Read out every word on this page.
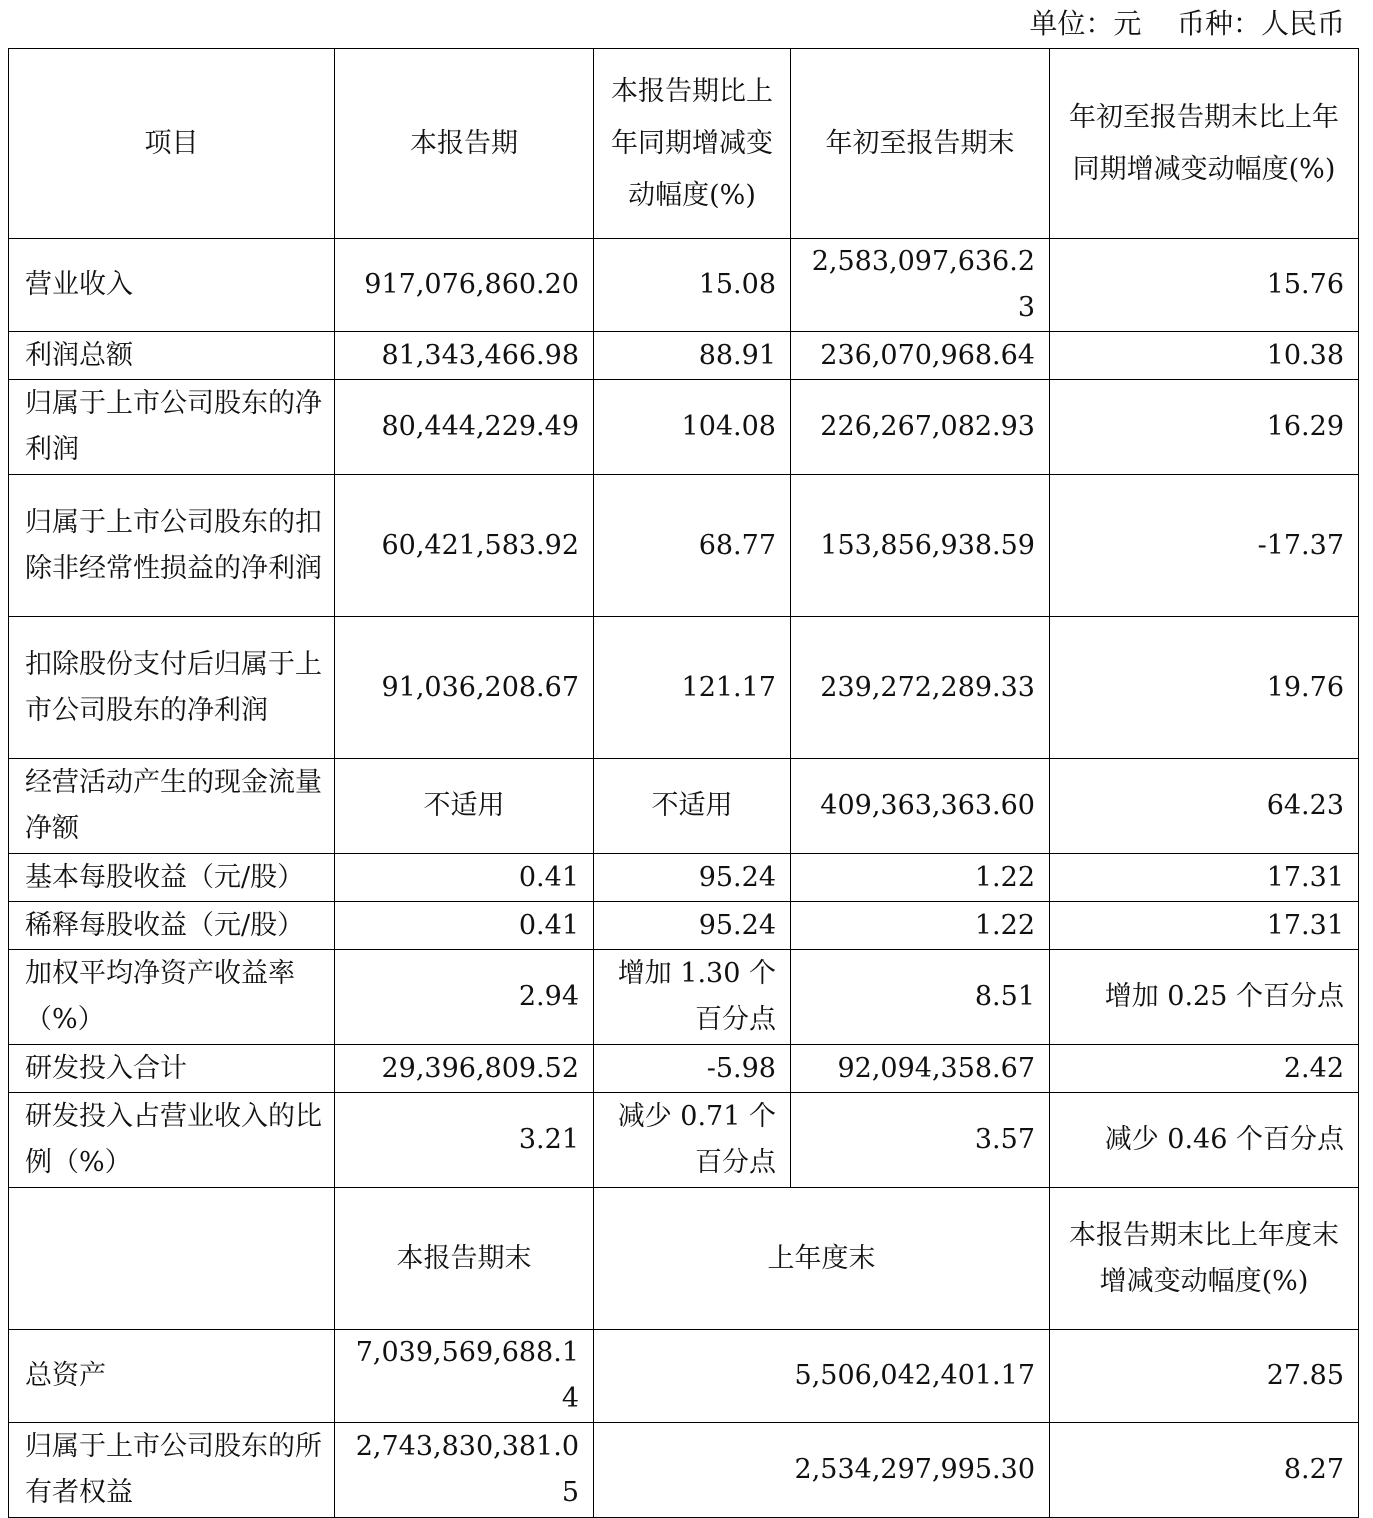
单位：元    币种：人民币
项目	本报告期	本报告期比上年同期增减变动幅度(%)	年初至报告期末	年初至报告期末比上年同期增减变动幅度(%)
营业收入	917,076,860.20	15.08	2,583,097,636.23	15.76
利润总额	81,343,466.98	88.91	236,070,968.64	10.38
归属于上市公司股东的净利润	80,444,229.49	104.08	226,267,082.93	16.29
归属于上市公司股东的扣除非经常性损益的净利润	60,421,583.92	68.77	153,856,938.59	-17.37
扣除股份支付后归属于上市公司股东的净利润	91,036,208.67	121.17	239,272,289.33	19.76
经营活动产生的现金流量净额	不适用	不适用	409,363,363.60	64.23
基本每股收益（元/股）	0.41	95.24	1.22	17.31
稀释每股收益（元/股）	0.41	95.24	1.22	17.31
加权平均净资产收益率（%）	2.94	增加 1.30 个百分点	8.51	增加 0.25 个百分点
研发投入合计	29,396,809.52	-5.98	92,094,358.67	2.42
研发投入占营业收入的比例（%）	3.21	减少 0.71 个百分点	3.57	减少 0.46 个百分点
	本报告期末	上年度末		本报告期末比上年度末增减变动幅度(%)
总资产	7,039,569,688.14	5,506,042,401.17		27.85
归属于上市公司股东的所有者权益	2,743,830,381.05	2,534,297,995.30		8.27
